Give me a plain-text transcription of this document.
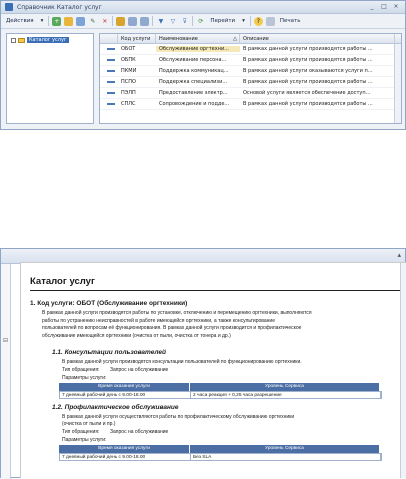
Справочник Каталог услуг	_	□	×
Действия	▾	+	✎	✕	▼	▽	⊽	⟳	Перейти	▾	?	Печать
Каталог услуг	Код услуги	Наименование	△	Описание
ОБОТ	Обслуживание оргтехни...	В рамках данной услуги производятся работы ...
ОБПК	Обслуживание персона...	В рамках данной услуги производятся работы ...
ПКМИ	Поддержка коммуникац...	В рамках данной услуги оказываются услуги п...
ПСПО	Поддержка специализи...	В рамках данной услуги производятся работы ...
ПЭЛП	Предоставление электр...	Основой услуги является обеспечение доступ...
СПЛС	Сопровождение и подде...	В рамках данной услуги производятся работы ...
▴
⊟
Каталог услуг
1. Код услуги: ОБОТ (Обслуживание оргтехники)
В рамках данной услуги производятся работы по установке, отключению и перемещению оргтехники, выполняются
работы по устранению неисправностей в работе имеющейся оргтехники, а также консультирование
пользователей по вопросам её функционирования. В рамках данной услуги производится и профилактическое
обслуживание имеющейся оргтехники (очистка от пыли, очистка от тонера и др.)
1.1. Консультации пользователей
В рамках данной услуги производятся консультации пользователей по функционированию оргтехники.
Тип обращения: Запрос на обслуживание
Параметры услуги:
Время оказания услуги	Уровень Сервиса
7 дневный рабочий день с 9.00-18.00	2 часа реакция + 0,25 часа разрешение
1.2. Профилактическое обслуживание
В рамках данной услуги осуществляются работы по профилактическому обслуживанию оргтехники
(очистка от пыли и пр.)
Тип обращения: Запрос на обслуживание
Параметры услуги:
Время оказания услуги	Уровень Сервиса
7 дневный рабочий день с 9.00-18.00	Без SLA
